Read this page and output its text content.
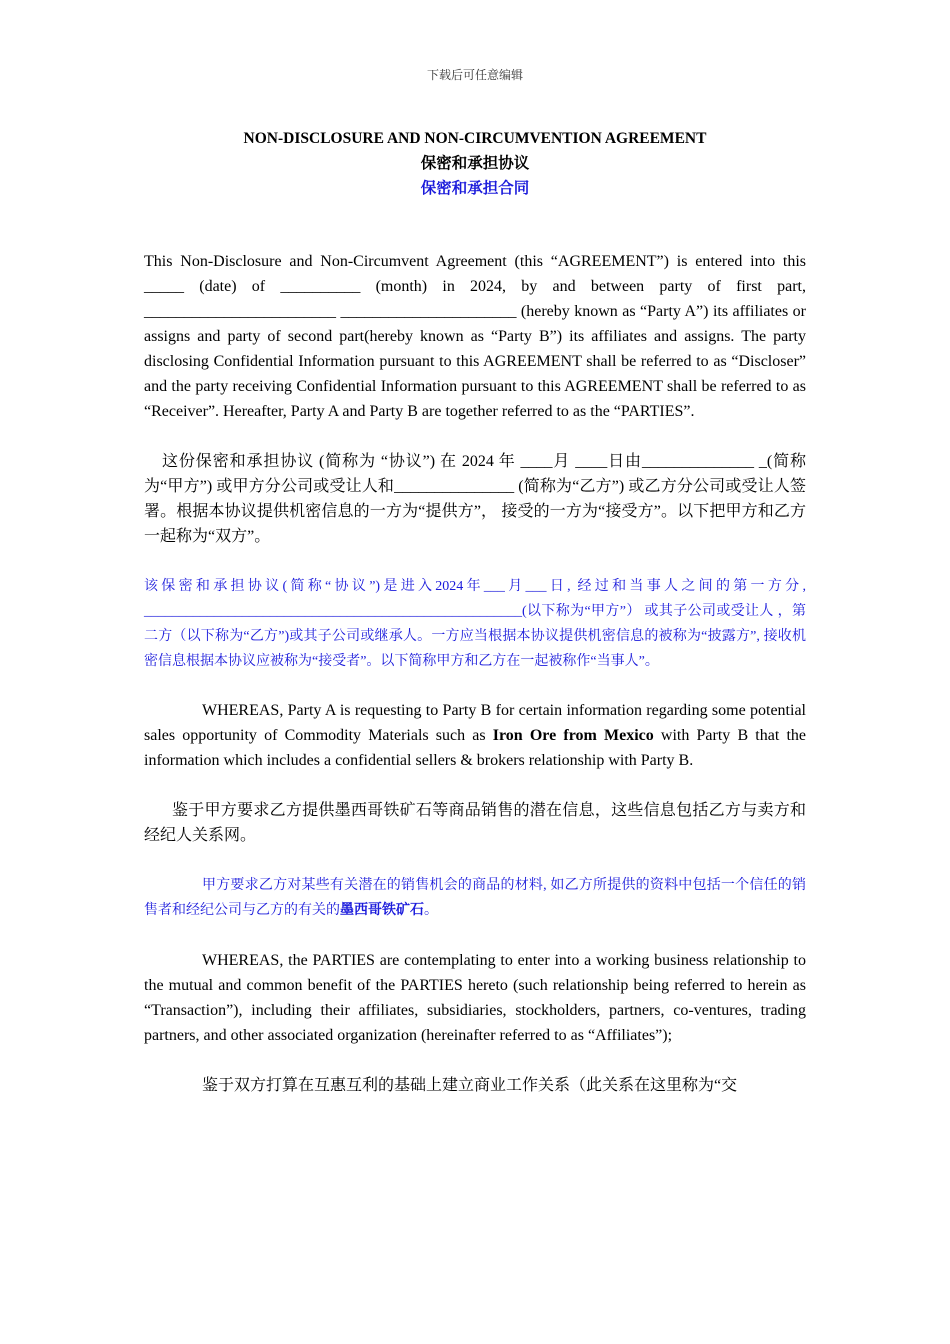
下载后可任意编辑
NON-DISCLOSURE AND NON-CIRCUMVENTION AGREEMENT
保密和承担协议
保密和承担合同

This Non-Disclosure and Non-Circumvent Agreement (this “AGREEMENT”) is entered into this _____ (date) of __________ (month) in 2024, by and between party of first part, ________________________ ______________________ (hereby known as “Party A”) its affiliates or assigns and party of second part(hereby known as “Party B”) its affiliates and assigns. The party disclosing Confidential Information pursuant to this AGREEMENT shall be referred to as “Discloser” and the party receiving Confidential Information pursuant to this AGREEMENT shall be referred to as “Receiver”. Hereafter, Party A and Party B are together referred to as the “PARTIES”.

这份保密和承担协议 (简称为 “协议”) 在 2024 年 ____月 ____日由______________ _(简称为“甲方”) 或甲方分公司或受让人和_______________ (简称为“乙方”) 或乙方分公司或受让人签署。根据本协议提供机密信息的一方为“提供方”， 接受的一方为“接受方”。以下把甲方和乙方一起称为“双方”。

该保密和承担协议(简称“协议”)是进入2024年___月___日, 经过和当事人之间的第一方分, ______________________________________________________(以下称为“甲方”） 或其子公司或受让人 ，第二方（以下称为“乙方”)或其子公司或继承人。一方应当根据本协议提供机密信息的被称为“披露方”, 接收机密信息根据本协议应被称为“接受者”。以下简称甲方和乙方在一起被称作“当事人”。

WHEREAS, Party A is requesting to Party B for certain information regarding some potential sales opportunity of Commodity Materials such as Iron Ore from Mexico with Party B that the information which includes a confidential sellers & brokers relationship with Party B.

鉴于甲方要求乙方提供墨西哥铁矿石等商品销售的潜在信息，这些信息包括乙方与卖方和经纪人关系网。

甲方要求乙方对某些有关潜在的销售机会的商品的材料, 如乙方所提供的资料中包括一个信任的销售者和经纪公司与乙方的有关的墨西哥铁矿石。

WHEREAS, the PARTIES are contemplating to enter into a working business relationship to the mutual and common benefit of the PARTIES hereto (such relationship being referred to herein as “Transaction”), including their affiliates, subsidiaries, stockholders, partners, co-ventures, trading partners, and other associated organization (hereinafter referred to as “Affiliates”);

鉴于双方打算在互惠互利的基础上建立商业工作关系（此关系在这里称为“交
